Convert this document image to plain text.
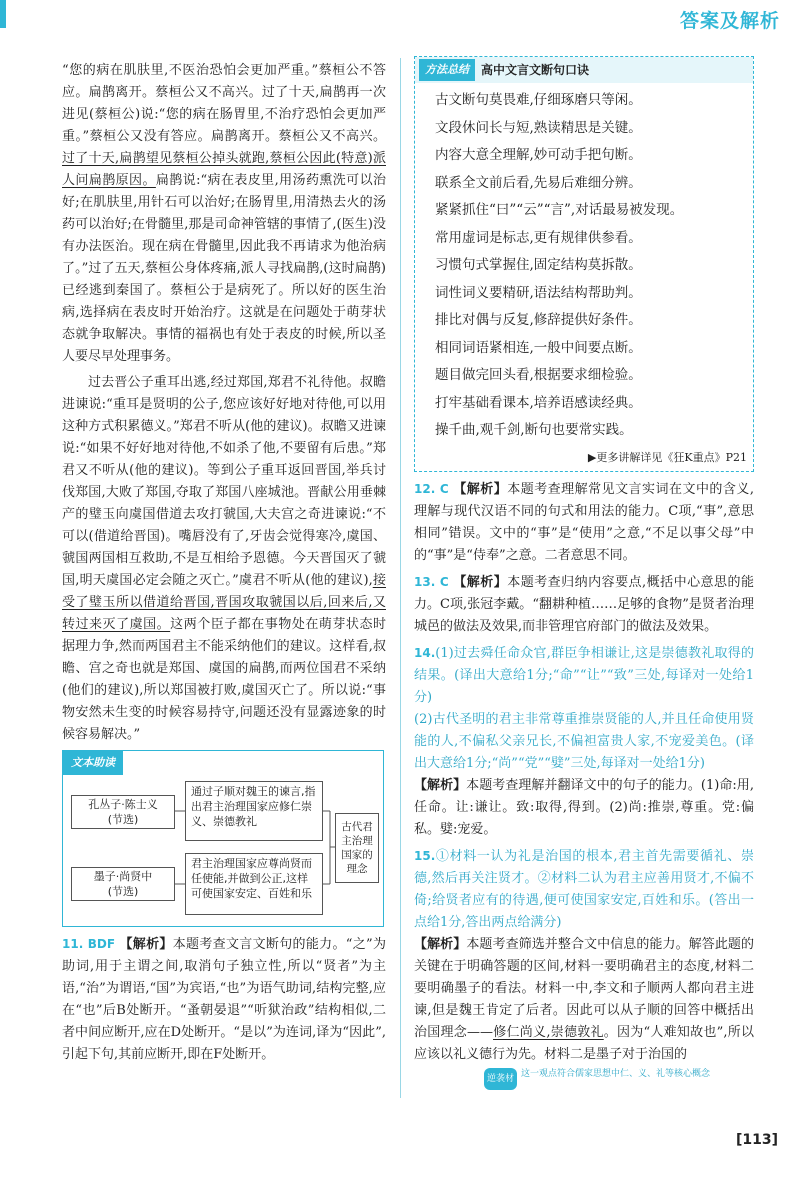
答案及解析

“您的病在肌肤里,不医治恐怕会更加严重。”蔡桓公不答应。扁鹊离开。蔡桓公又不高兴。过了十天,扁鹊再一次进见(蔡桓公)说:“您的病在肠胃里,不治疗恐怕会更加严重。”蔡桓公又没有答应。扁鹊离开。蔡桓公又不高兴。过了十天,扁鹊望见蔡桓公掉头就跑,蔡桓公因此(特意)派人问扁鹊原因。扁鹊说:“病在表皮里,用汤药熏洗可以治好;在肌肤里,用针石可以治好;在肠胃里,用清热去火的汤药可以治好;在骨髓里,那是司命神管辖的事情了,(医生)没有办法医治。现在病在骨髓里,因此我不再请求为他治病了。”过了五天,蔡桓公身体疼痛,派人寻找扁鹊,(这时扁鹊)已经逃到秦国了。蔡桓公于是病死了。所以好的医生治病,选择病在表皮时开始治疗。这就是在问题处于萌芽状态就争取解决。事情的福祸也有处于表皮的时候,所以圣人要尽早处理事务。

过去晋公子重耳出逃,经过郑国,郑君不礼待他。叔瞻进谏说:“重耳是贤明的公子,您应该好好地对待他,可以用这种方式积累德义。”郑君不听从(他的建议)。叔瞻又进谏说:“如果不好好地对待他,不如杀了他,不要留有后患。”郑君又不听从(他的建议)。等到公子重耳返回晋国,举兵讨伐郑国,大败了郑国,夺取了郑国八座城池。晋献公用垂棘产的璧玉向虞国借道去攻打虢国,大夫宫之奇进谏说:“不可以(借道给晋国)。嘴唇没有了,牙齿会觉得寒冷,虞国、虢国两国相互救助,不是互相给予恩德。今天晋国灭了虢国,明天虞国必定会随之灭亡。”虞君不听从(他的建议),接受了璧玉所以借道给晋国,晋国攻取虢国以后,回来后,又转过来灭了虞国。这两个臣子都在事物处在萌芽状态时据理力争,然而两国君主不能采纳他们的建议。这样看,叔瞻、宫之奇也就是郑国、虞国的扁鹊,而两位国君不采纳(他们的建议),所以郑国被打败,虞国灭亡了。所以说:“事物安然未生变的时候容易持守,问题还没有显露迹象的时候容易解决。”

文本助读
孔丛子·陈士义
(节选)
通过子顺对魏王的谏言,指出君主治理国家应修仁崇义、崇德教礼
墨子·尚贤中
(节选)
君主治理国家应尊尚贤而任使能,并做到公正,这样可使国家安定、百姓和乐
古代君主治理国家的理念

11. BDF 【解析】本题考查文言文断句的能力。“之”为助词,用于主谓之间,取消句子独立性,所以“贤者”为主语,“治”为谓语,“国”为宾语,“也”为语气助词,结构完整,应在“也”后B处断开。“蚤朝晏退”“听狱治政”结构相似,二者中间应断开,应在D处断开。“是以”为连词,译为“因此”,引起下句,其前应断开,即在F处断开。

方法总结	高中文言文断句口诀
古文断句莫畏难,仔细琢磨只等闲。
文段休问长与短,熟读精思是关键。
内容大意全理解,妙可动手把句断。
联系全文前后看,先易后难细分辨。
紧紧抓住“曰”“云”“言”,对话最易被发现。
常用虚词是标志,更有规律供参看。
习惯句式掌握住,固定结构莫拆散。
词性词义要精研,语法结构帮助判。
排比对偶与反复,修辞提供好条件。
相同词语紧相连,一般中间要点断。
题目做完回头看,根据要求细检验。
打牢基础看课本,培养语感读经典。
操千曲,观千剑,断句也要常实践。
▶更多讲解详见《狂K重点》P21

12. C 【解析】本题考查理解常见文言实词在文中的含义,理解与现代汉语不同的句式和用法的能力。C项,“事”,意思相同”错误。文中的“事”是“使用”之意,“不足以事父母”中的“事”是“侍奉”之意。二者意思不同。

13. C 【解析】本题考查归纳内容要点,概括中心意思的能力。C项,张冠李戴。“翻耕种植……足够的食物”是贤者治理城邑的做法及效果,而非管理官府部门的做法及效果。

14.(1)过去舜任命众官,群臣争相谦让,这是崇德教礼取得的结果。(译出大意给1分;“命”“让”“致”三处,每译对一处给1分)

(2)古代圣明的君主非常尊重推崇贤能的人,并且任命使用贤能的人,不偏私父亲兄长,不偏袒富贵人家,不宠爱美色。(译出大意给1分;“尚”“党”“嬖”三处,每译对一处给1分)

【解析】本题考查理解并翻译文中的句子的能力。(1)命:用,任命。让:谦让。致:取得,得到。(2)尚:推崇,尊重。党:偏私。嬖:宠爱。

15.①材料一认为礼是治国的根本,君主首先需要循礼、崇德,然后再关注贤才。②材料二认为君主应善用贤才,不偏不倚;给贤者应有的待遇,便可使国家安定,百姓和乐。(答出一点给1分,答出两点给满分)

【解析】本题考查筛选并整合文中信息的能力。解答此题的关键在于明确答题的区间,材料一要明确君主的态度,材料二要明确墨子的看法。材料一中,李文和子顺两人都向君主进谏,但是魏王肯定了后者。因此可以从子顺的回答中概括出治国理念——修仁尚义,崇德敦礼。因为“人难知故也”,所以应该以礼义德行为先。材料二是墨子对于治国的

逆袭材 这一观点符合儒家思想中仁、义、礼等核心概念
[113]
